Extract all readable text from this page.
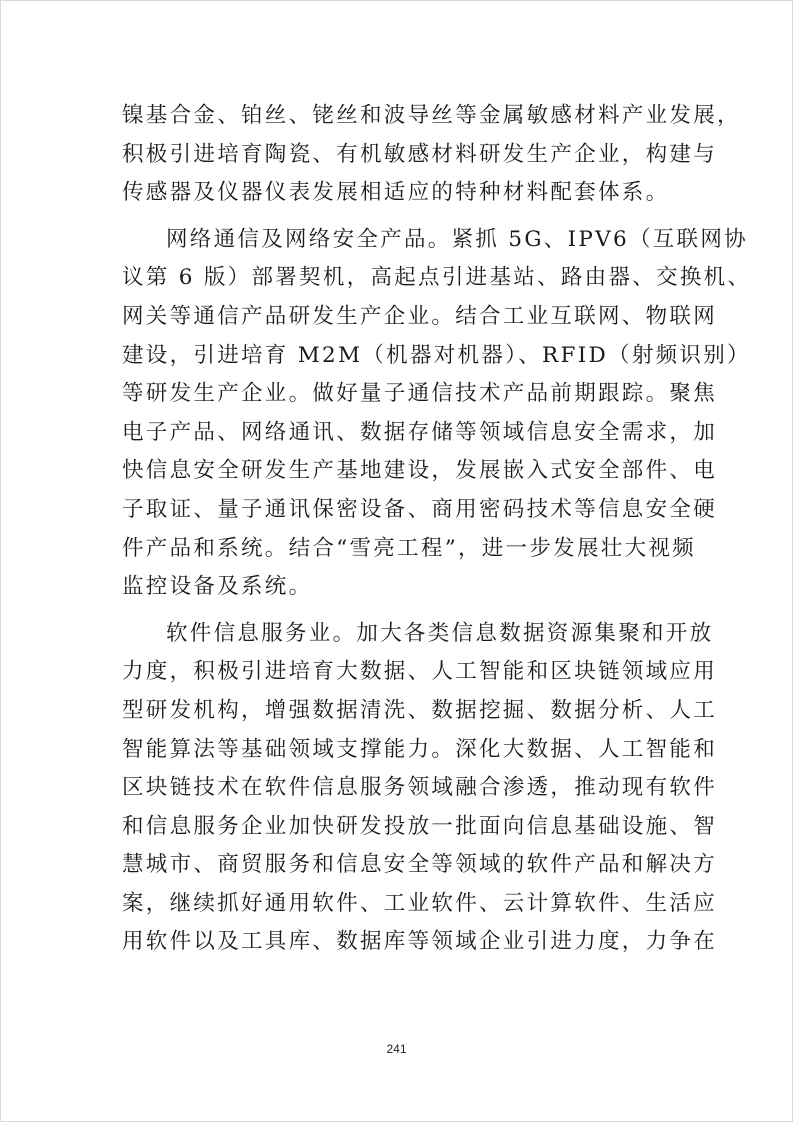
镍基合金、铂丝、铑丝和波导丝等金属敏感材料产业发展，
积极引进培育陶瓷、有机敏感材料研发生产企业，构建与
传感器及仪器仪表发展相适应的特种材料配套体系。
网络通信及网络安全产品。紧抓 5G、IPV6（互联网协
议第 6 版）部署契机，高起点引进基站、路由器、交换机、
网关等通信产品研发生产企业。结合工业互联网、物联网
建设，引进培育 M2M（机器对机器）、RFID（射频识别）
等研发生产企业。做好量子通信技术产品前期跟踪。聚焦
电子产品、网络通讯、数据存储等领域信息安全需求，加
快信息安全研发生产基地建设，发展嵌入式安全部件、电
子取证、量子通讯保密设备、商用密码技术等信息安全硬
件产品和系统。结合“雪亮工程”，进一步发展壮大视频
监控设备及系统。
软件信息服务业。加大各类信息数据资源集聚和开放
力度，积极引进培育大数据、人工智能和区块链领域应用
型研发机构，增强数据清洗、数据挖掘、数据分析、人工
智能算法等基础领域支撑能力。深化大数据、人工智能和
区块链技术在软件信息服务领域融合渗透，推动现有软件
和信息服务企业加快研发投放一批面向信息基础设施、智
慧城市、商贸服务和信息安全等领域的软件产品和解决方
案，继续抓好通用软件、工业软件、云计算软件、生活应
用软件以及工具库、数据库等领域企业引进力度，力争在
241
